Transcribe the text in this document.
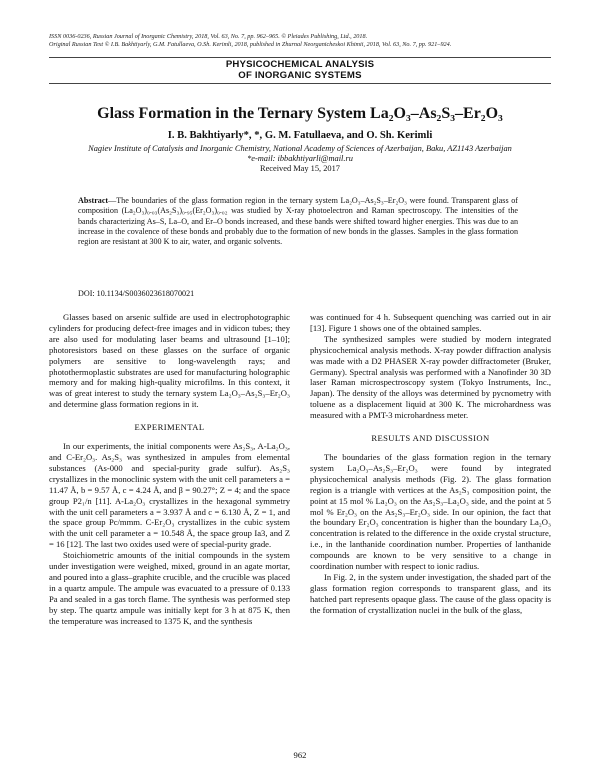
ISSN 0036-0236, Russian Journal of Inorganic Chemistry, 2018, Vol. 63, No. 7, pp. 962–965. © Pleiades Publishing, Ltd., 2018.
Original Russian Text © I.B. Bakhtiyarly, G.M. Fatullaeva, O.Sh. Kerimli, 2018, published in Zhurnal Neorganicheskoi Khimii, 2018, Vol. 63, No. 7, pp. 921–924.
PHYSICOCHEMICAL ANALYSIS
OF INORGANIC SYSTEMS
Glass Formation in the Ternary System La₂O₃–As₂S₃–Er₂O₃
I. B. Bakhtiyarly*, *, G. M. Fatullaeva, and O. Sh. Kerimli
Nagiev Institute of Catalysis and Inorganic Chemistry, National Academy of Sciences of Azerbaijan, Baku, AZ1143 Azerbaijan
*e-mail: ibbakhtiyarli@mail.ru
Received May 15, 2017
Abstract—The boundaries of the glass formation region in the ternary system La₂O₃–As₂S₃–Er₂O₃ were found. Transparent glass of composition (La₂O₃)₀.₀₃(As₂S₃)₀.₉₅(Er₂O₃)₀.₀₂ was studied by X-ray photoelectron and Raman spectroscopy. The intensities of the bands characterizing As–S, La–O, and Er–O bonds increased, and these bands were shifted toward higher energies. This was due to an increase in the covalence of these bonds and probably due to the formation of new bonds in the glasses. Samples in the glass formation region are resistant at 300 K to air, water, and organic solvents.
DOI: 10.1134/S0036023618070021

Glasses based on arsenic sulfide are used in electrophotographic cylinders for producing defect-free images and in vidicon tubes; they are also used for modulating laser beams and ultrasound [1–10]; photoresistors based on these glasses on the surface of organic polymers are sensitive to long-wavelength rays; and photothermoplastic substrates are used for manufacturing holographic memory and for making high-quality microfilms. In this context, it was of great interest to study the ternary system La₂O₃–As₂S₃–Er₂O₃ and determine glass formation regions in it.

EXPERIMENTAL

In our experiments, the initial components were As₂S₃, A-La₂O₃, and C-Er₂O₃. As₂S₃ was synthesized in ampules from elemental substances (As-000 and special-purity grade sulfur). As₂S₃ crystallizes in the monoclinic system with the unit cell parameters a = 11.47 Å, b = 9.57 Å, c = 4.24 Å, and β = 90.27°; Z = 4; and the space group P2₁/n [11]. A-La₂O₃ crystallizes in the hexagonal symmetry with the unit cell parameters a = 3.937 Å and c = 6.130 Å, Z = 1, and the space group Pc/mmm. C-Er₂O₃ crystallizes in the cubic system with the unit cell parameter a = 10.548 Å, the space group Ia3, and Z = 16 [12]. The last two oxides used were of special-purity grade.

Stoichiometric amounts of the initial compounds in the system under investigation were weighed, mixed, ground in an agate mortar, and poured into a glass–graphite crucible, and the crucible was placed in a quartz ampule. The ampule was evacuated to a pressure of 0.133 Pa and sealed in a gas torch flame. The synthesis was performed step by step. The quartz ampule was initially kept for 3 h at 875 K, then the temperature was increased to 1375 K, and the synthesis

was continued for 4 h. Subsequent quenching was carried out in air [13]. Figure 1 shows one of the obtained samples.

The synthesized samples were studied by modern integrated physicochemical analysis methods. X-ray powder diffraction analysis was made with a D2 PHASER X-ray powder diffractometer (Bruker, Germany). Spectral analysis was performed with a Nanofinder 30 3D laser Raman microspectroscopy system (Tokyo Instruments, Inc., Japan). The density of the alloys was determined by pycnometry with toluene as a displacement liquid at 300 K. The microhardness was measured with a PMT-3 microhardness meter.

RESULTS AND DISCUSSION

The boundaries of the glass formation region in the ternary system La₂O₃–As₂S₃–Er₂O₃ were found by integrated physicochemical analysis methods (Fig. 2). The glass formation region is a triangle with vertices at the As₂S₃ composition point, the point at 15 mol % La₂O₃ on the As₂S₃–La₂O₃ side, and the point at 5 mol % Er₂O₃ on the As₂S₃–Er₂O₃ side. In our opinion, the fact that the boundary Er₂O₃ concentration is higher than the boundary La₂O₃ concentration is related to the difference in the oxide crystal structure, i.e., in the lanthanide coordination number. Properties of lanthanide compounds are known to be very sensitive to a change in coordination number with respect to ionic radius.

In Fig. 2, in the system under investigation, the shaded part of the glass formation region corresponds to transparent glass, and its hatched part represents opaque glass. The cause of the glass opacity is the formation of crystallization nuclei in the bulk of the glass,

962
